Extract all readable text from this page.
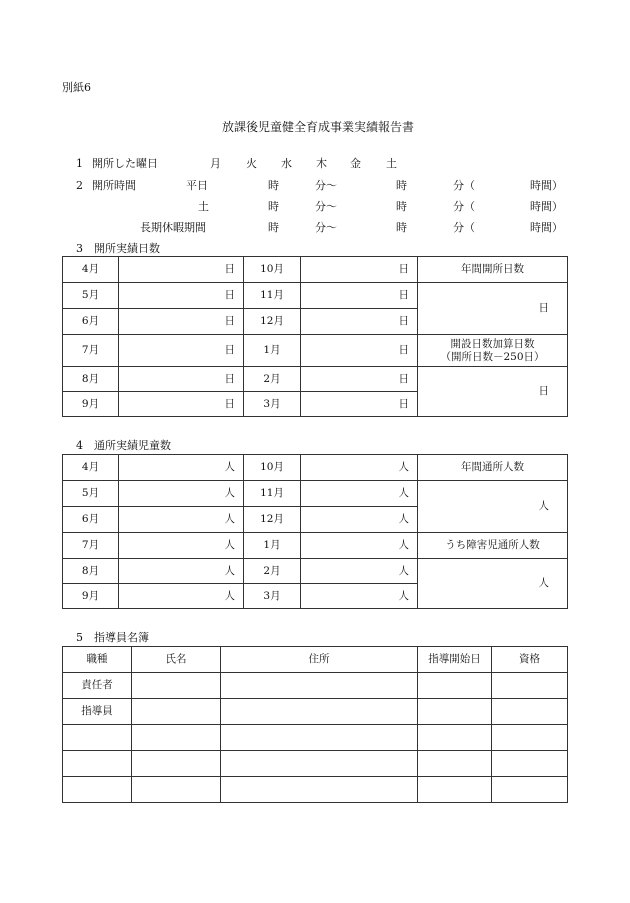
別紙6
放課後児童健全育成事業実績報告書
1 開所した曜日	月 火 水 木 金 土
2 開所時間	平日	時	分～	時	分（	時間）
土	時	分～	時	分（	時間）
長期休暇期間	時	分～	時	分（	時間）
3　開所実績日数
4月	日	10月	日	年間開所日数
5月	日	11月	日	日
6月	日	12月	日	
7月	日	1月	日	開設日数加算日数
（開所日数－250日）

8月	日	2月	日	日
9月	日	3月	日	
4　通所実績児童数
4月	人	10月	人	年間通所人数
5月	人	11月	人	人
6月	人	12月	人	
7月	人	1月	人	うち障害児通所人数
8月	人	2月	人	人
9月	人	3月	人	
5　指導員名簿
職種	氏名	住所	指導開始日	資格
責任者				
指導員				
